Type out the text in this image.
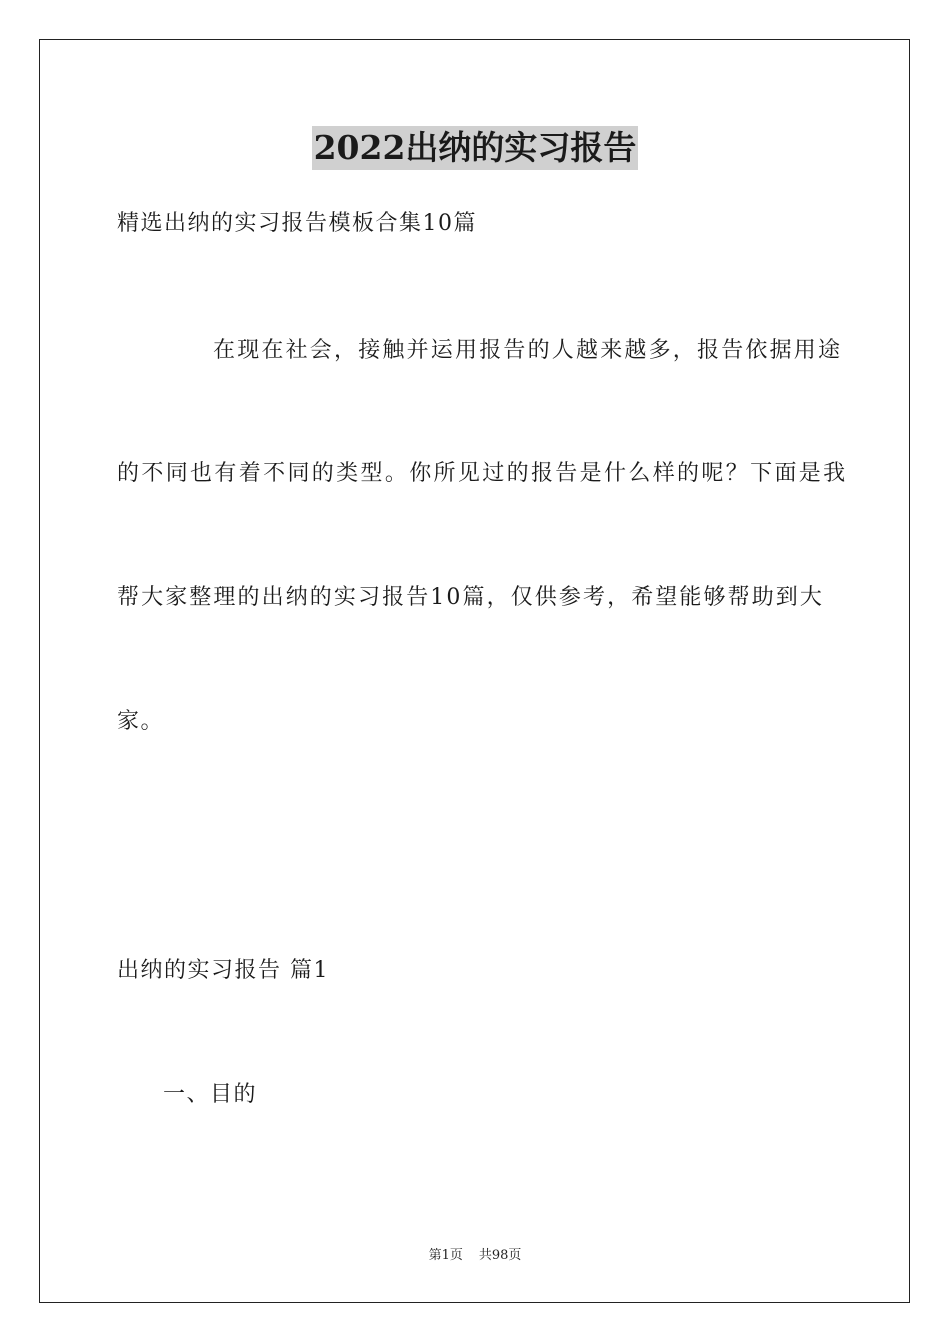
2022出纳的实习报告
精选出纳的实习报告模板合集10篇
在现在社会，接触并运用报告的人越来越多，报告依据用途
的不同也有着不同的类型。你所见过的报告是什么样的呢？下面是我
帮大家整理的出纳的实习报告10篇，仅供参考，希望能够帮助到大
家。
出纳的实习报告 篇1
一、目的
第1页 共98页
